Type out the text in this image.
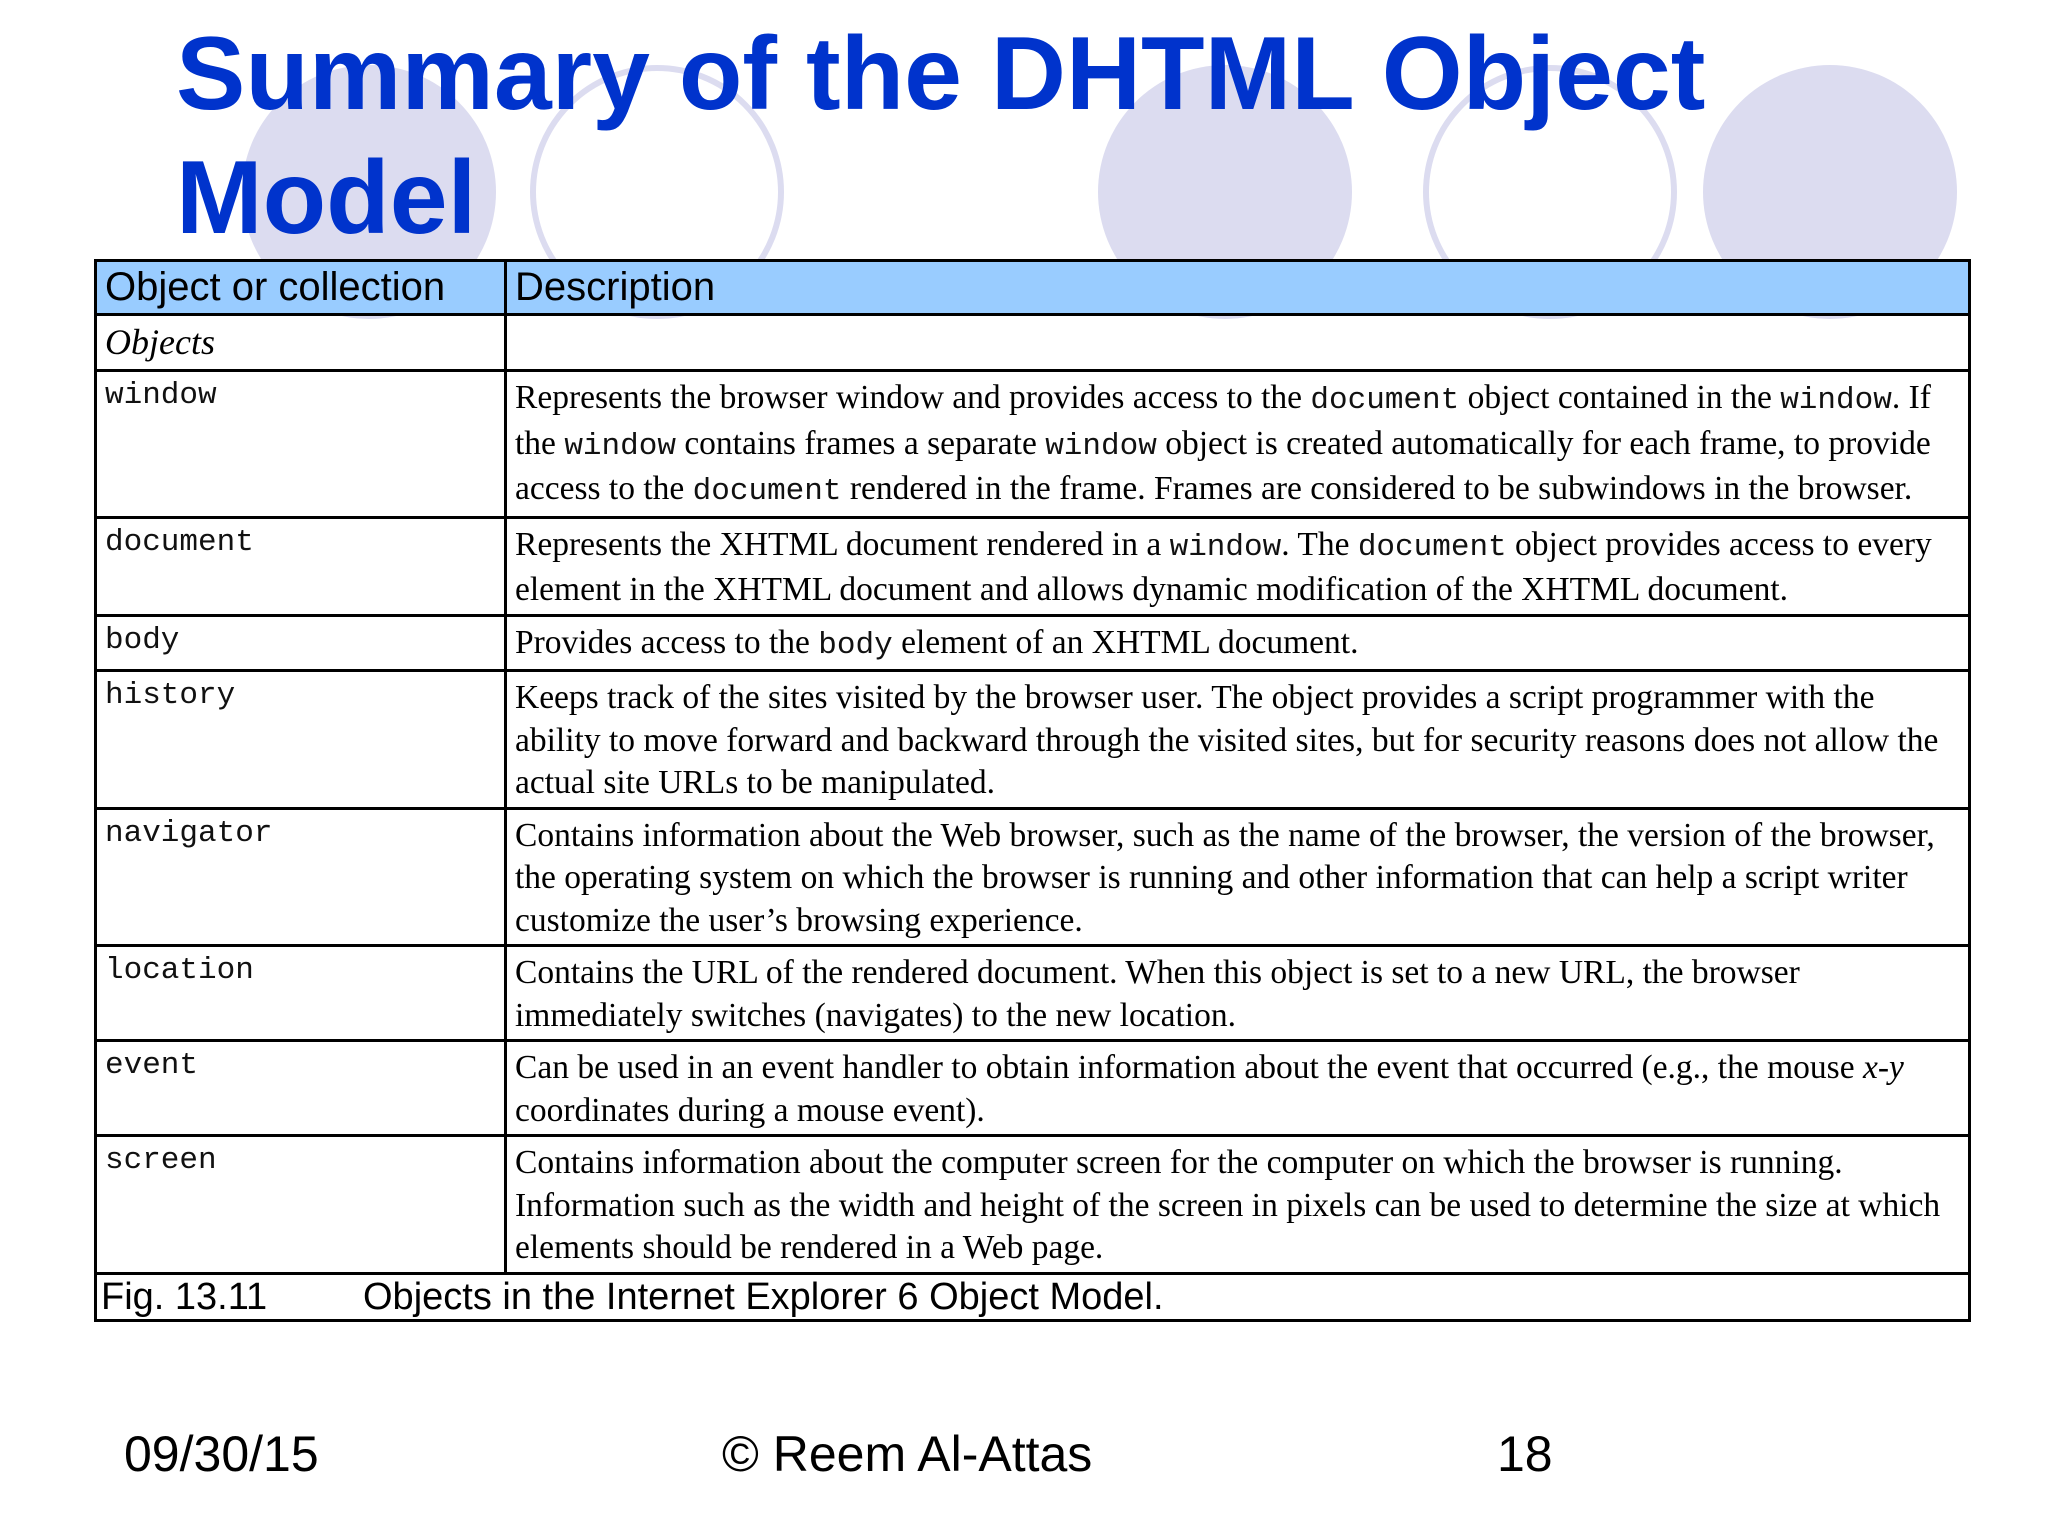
Summary of the DHTML Object Model
Object or collection	Description
Objects	
window	Represents the browser window and provides access to the document object contained in the window. If the window contains frames a separate window object is created automatically for each frame, to provide access to the document rendered in the frame. Frames are considered to be subwindows in the browser.
document	Represents the XHTML document rendered in a window. The document object provides access to every element in the XHTML document and allows dynamic modification of the XHTML document.
body	Provides access to the body element of an XHTML document.
history	Keeps track of the sites visited by the browser user. The object provides a script programmer with the ability to move forward and backward through the visited sites, but for security reasons does not allow the actual site URLs to be manipulated.
navigator	Contains information about the Web browser, such as the name of the browser, the version of the browser, the operating system on which the browser is running and other information that can help a script writer customize the user’s browsing experience.
location	Contains the URL of the rendered document. When this object is set to a new URL, the browser immediately switches (navigates) to the new location.
event	Can be used in an event handler to obtain information about the event that occurred (e.g., the mouse x-y coordinates during a mouse event).
screen	Contains information about the computer screen for the computer on which the browser is running. Information such as the width and height of the screen in pixels can be used to determine the size at which elements should be rendered in a Web page.
Fig. 13.11 Objects in the Internet Explorer 6 Object Model.	

09/30/15	© Reem Al-Attas	18
